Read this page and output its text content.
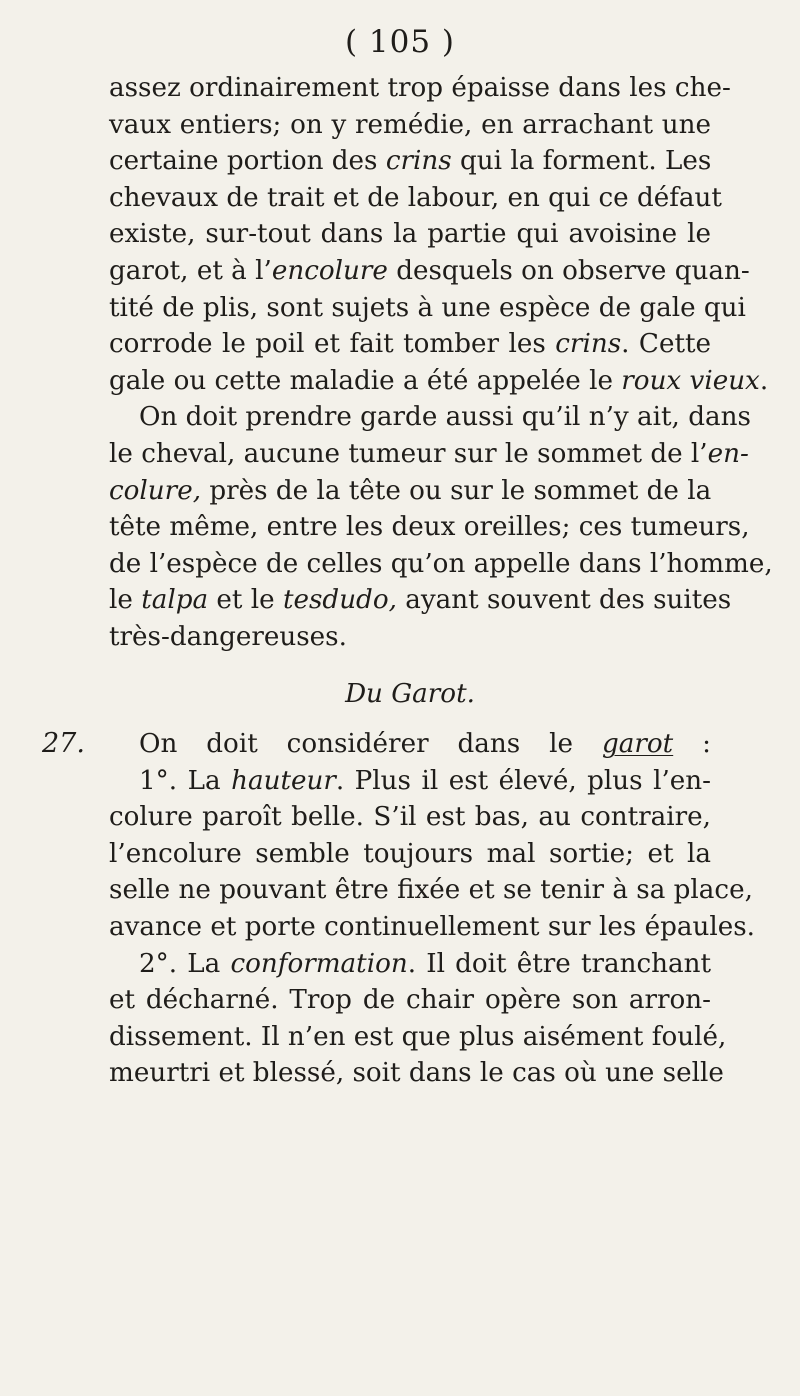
( 105 )
assez ordinairement trop épaisse dans les che-
vaux entiers; on y remédie, en arrachant une
certaine portion des crins qui la forment. Les
chevaux de trait et de labour, en qui ce défaut
existe, sur-tout dans la partie qui avoisine le
garot, et à l’encolure desquels on observe quan-
tité de plis, sont sujets à une espèce de gale qui
corrode le poil et fait tomber les crins. Cette
gale ou cette maladie a été appelée le roux vieux.
On doit prendre garde aussi qu’il n’y ait, dans
le cheval, aucune tumeur sur le sommet de l’en-
colure, près de la tête ou sur le sommet de la
tête même, entre les deux oreilles; ces tumeurs,
de l’espèce de celles qu’on appelle dans l’homme,
le talpa et le tesdudo, ayant souvent des suites
très-dangereuses.
Du Garot.
On doit considérer dans le garot :
1°. La hauteur. Plus il est élevé, plus l’en-
colure paroît belle. S’il est bas, au contraire,
l’encolure semble toujours mal sortie; et la
selle ne pouvant être fixée et se tenir à sa place,
avance et porte continuellement sur les épaules.
2°. La conformation. Il doit être tranchant
et décharné. Trop de chair opère son arron-
dissement. Il n’en est que plus aisément foulé,
meurtri et blessé, soit dans le cas où une selle
27.
